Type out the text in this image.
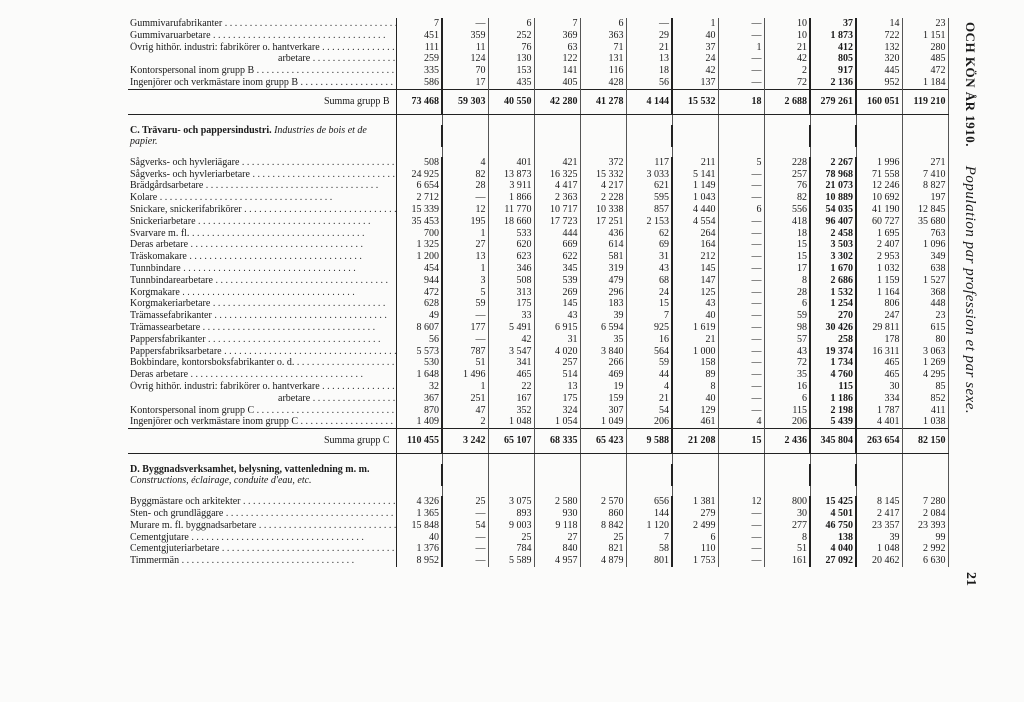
Gummivarufabrikanter . . .	7	—	6	7	6	—	1	—	10	37	14	23
Gummivaruarbetare . . .	451	359	252	369	363	29	40	—	10	1 873	722	1 151
Övrig hithör. industri: fabrikörer o. hantverkare . . .	111	11	76	63	71	21	37	1	21	412	132	280
arbetare . . .	259	124	130	122	131	13	24	—	42	805	320	485
Kontorspersonal inom grupp B . . .	335	70	153	141	116	18	42	—	2	917	445	472
Ingenjörer och verkmästare inom grupp B . . .	586	17	435	405	428	56	137	—	72	2 136	952	1 184
Summa grupp B	73 468	59 303	40 550	42 280	41 278	4 144	15 532	18	2 688	279 261	160 051	119 210

C. Trävaru- och pappersindustri. Industries de bois et de papier.												

Sågverks- och hyvleriägare . . .	508	4	401	421	372	117	211	5	228	2 267	1 996	271
Sågverks- och hyvleriarbetare . . .	24 925	82	13 873	16 325	15 332	3 033	5 141	—	257	78 968	71 558	7 410
Brädgårdsarbetare . . .	6 654	28	3 911	4 417	4 217	621	1 149	—	76	21 073	12 246	8 827
Kolare . . .	2 712	—	1 866	2 363	2 228	595	1 043	—	82	10 889	10 692	197
Snickare, snickerifabrikörer . . .	15 339	12	11 770	10 717	10 338	857	4 440	6	556	54 035	41 190	12 845
Snickeriarbetare . . .	35 453	195	18 660	17 723	17 251	2 153	4 554	—	418	96 407	60 727	35 680
Svarvare m. fl. . . .	700	1	533	444	436	62	264	—	18	2 458	1 695	763
Deras arbetare . . .	1 325	27	620	669	614	69	164	—	15	3 503	2 407	1 096
Träskomakare . . .	1 200	13	623	622	581	31	212	—	15	3 302	2 953	349
Tunnbindare . . .	454	1	346	345	319	43	145	—	17	1 670	1 032	638
Tunnbindarearbetare . . .	944	3	508	539	479	68	147	—	8	2 686	1 159	1 527
Korgmakare . . .	472	5	313	269	296	24	125	—	28	1 532	1 164	368
Korgmakeriarbetare . . .	628	59	175	145	183	15	43	—	6	1 254	806	448
Trämassefabrikanter . . .	49	—	33	43	39	7	40	—	59	270	247	23
Trämassearbetare . . .	8 607	177	5 491	6 915	6 594	925	1 619	—	98	30 426	29 811	615
Pappersfabrikanter . . .	56	—	42	31	35	16	21	—	57	258	178	80
Pappersfabriksarbetare . . .	5 573	787	3 547	4 020	3 840	564	1 000	—	43	19 374	16 311	3 063
Bokbindare, kontorsboksfabrikanter o. d. . . .	530	51	341	257	266	59	158	—	72	1 734	465	1 269
Deras arbetare . . .	1 648	1 496	465	514	469	44	89	—	35	4 760	465	4 295
Övrig hithör. industri: fabrikörer o. hantverkare . . .	32	1	22	13	19	4	8	—	16	115	30	85
arbetare . . .	367	251	167	175	159	21	40	—	6	1 186	334	852
Kontorspersonal inom grupp C . . .	870	47	352	324	307	54	129	—	115	2 198	1 787	411
Ingenjörer och verkmästare inom grupp C . . .	1 409	2	1 048	1 054	1 049	206	461	4	206	5 439	4 401	1 038
Summa grupp C	110 455	3 242	65 107	68 335	65 423	9 588	21 208	15	2 436	345 804	263 654	82 150

D. Byggnadsverksamhet, belysning, vattenledning m. m. Constructions, éclairage, conduite d'eau, etc.												

Byggmästare och arkitekter . . .	4 326	25	3 075	2 580	2 570	656	1 381	12	800	15 425	8 145	7 280
Sten- och grundläggare . . .	1 365	—	893	930	860	144	279	—	30	4 501	2 417	2 084
Murare m. fl. byggnadsarbetare . . .	15 848	54	9 003	9 118	8 842	1 120	2 499	—	277	46 750	23 357	23 393
Cementgjutare . . .	40	—	25	27	25	7	6	—	8	138	39	99
Cementgjuteriarbetare . . .	1 376	—	784	840	821	58	110	—	51	4 040	1 048	2 992
Timmermän . . .	8 952	—	5 589	4 957	4 879	801	1 753	—	161	27 092	20 462	6 630
OCH KÖN ÅR 1910.     Population par profession et par sexe.
21
